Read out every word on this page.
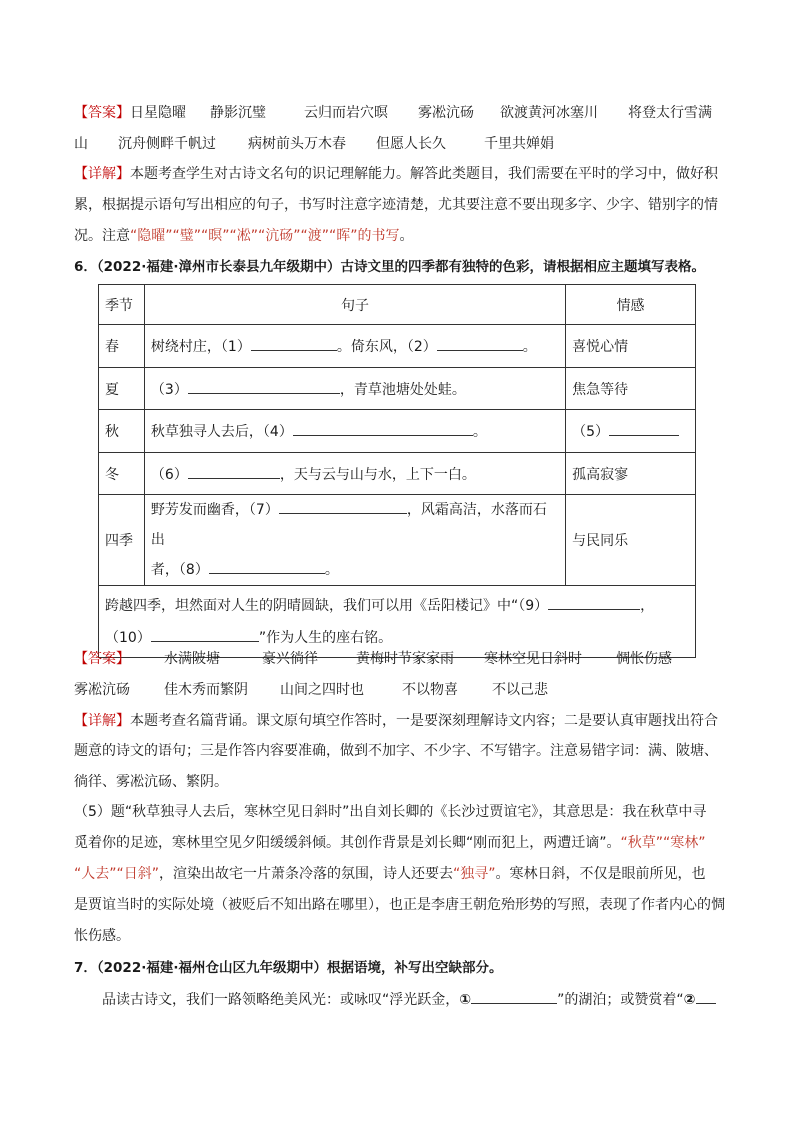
【答案】日星隐曜 静影沉璧	云归而岩穴暝 雾凇沆砀 欲渡黄河冰塞川 将登太行雪满
山 沉舟侧畔千帆过 病树前头万木春 但愿人长久	千里共婵娟
【详解】本题考查学生对古诗文名句的识记理解能力。解答此类题目，我们需要在平时的学习中，做好积
累，根据提示语句写出相应的句子，书写时注意字迹清楚，尤其要注意不要出现多字、少字、错别字的情
况。注意“隐曜”“璧”“暝”“凇”“沆砀”“渡”“晖”的书写。
6．（2022·福建·漳州市长泰县九年级期中）古诗文里的四季都有独特的色彩，请根据相应主题填写表格。
季节	句子	情感
春	树绕村庄，（1） 。倚东风，（2） 。	喜悦心情
夏	（3） ，青草池塘处处蛙。	焦急等待
秋	秋草独寻人去后，（4） 。	（5）
冬	（6） ，天与云与山与水，上下一白。	孤高寂寥
四季	野芳发而幽香，（7） ，风霜高洁，水落而石出
者，（8） 。	与民同乐
跨越四季，坦然面对人生的阴晴圆缺，我们可以用《岳阳楼记》中“（9） ，
（10） ”作为人生的座右铭。		
【答案】 水满陂塘	豪兴徜徉	黄梅时节家家雨 寒林空见日斜时 惆怅伤感
雾凇沆砀 佳木秀而繁阴 山间之四时也	不以物喜 不以己悲
【详解】本题考查名篇背诵。课文原句填空作答时，一是要深刻理解诗文内容；二是要认真审题找出符合
题意的诗文的语句；三是作答内容要准确，做到不加字、不少字、不写错字。注意易错字词：满、陂塘、
徜徉、雾凇沆砀、繁阴。
（5）题“秋草独寻人去后，寒林空见日斜时”出自刘长卿的《长沙过贾谊宅》，其意思是：我在秋草中寻
觅着你的足迹，寒林里空见夕阳缓缓斜倾。其创作背景是刘长卿“刚而犯上，两遭迁谪”。“秋草”“寒林”
“人去”“日斜”，渲染出故宅一片萧条冷落的氛围，诗人还要去“独寻”。寒林日斜，不仅是眼前所见，也
是贾谊当时的实际处境（被贬后不知出路在哪里），也正是李唐王朝危殆形势的写照，表现了作者内心的惆
怅伤感。
7．（2022·福建·福州仓山区九年级期中）根据语境，补写出空缺部分。
品读古诗文，我们一路领略绝美风光：或咏叹“浮光跃金，①	”的湖泊；或赞赏着“②
